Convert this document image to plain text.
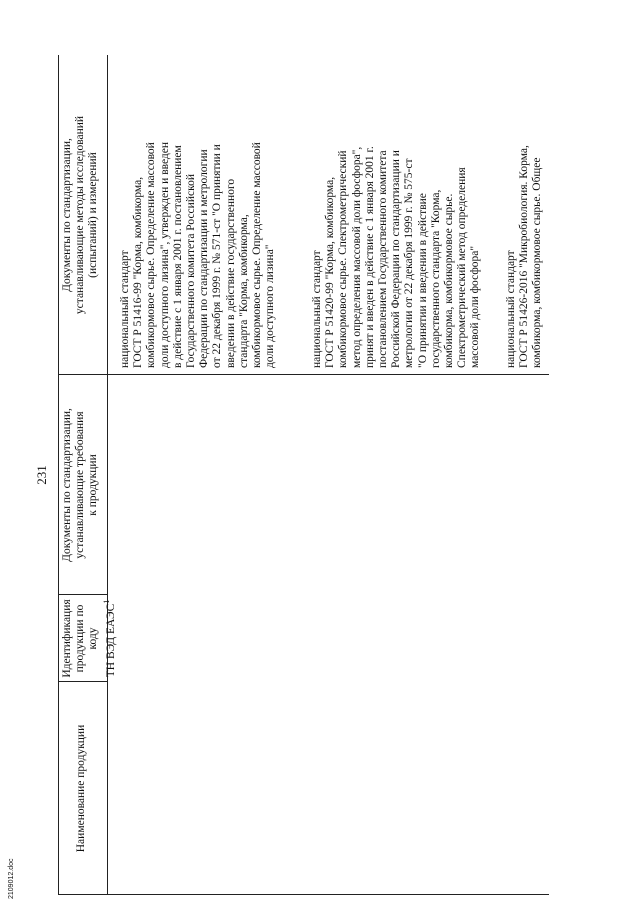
231
Наименование продукции
Идентификация продукции по коду ТН ВЭД ЕАЭС$^1$
Документы по стандартизации, устанавливающие требования к продукции
Документы по стандартизации, устанавливающие методы исследований (испытаний) и измерений
национальный стандарт ГОСТ Р 51416-99 "Корма, комбикорма, комбикормовое сырье. Определение массовой доли доступного лизина", утвержден и введен в действие с 1 января 2001 г. постановлением Государственного комитета Российской Федерации по стандартизации и метрологии от 22 декабря 1999 г. № 571-ст "О принятии и введении в действие государственного стандарта "Корма, комбикорма, комбикормовое сырье. Определение массовой доли доступного лизина"	национальный стандарт ГОСТ Р 51420-99 "Корма, комбикорма, комбикормовое сырье. Спектрометрический метод определения массовой доли фосфора", принят и введен в действие с 1 января 2001 г. постановлением Государственного комитета Российской Федерации по стандартизации и метрологии от 22 декабря 1999 г. № 575-ст "О принятии и введении в действие государственного стандарта "Корма, комбикорма, комбикормовое сырье. Спектрометрический метод определения массовой доли фосфора" национальный стандарт ГОСТ Р 51426-2016 "Микробиология. Корма, комбикорма, комбикормовое сырье. Общее
2109012.doc
